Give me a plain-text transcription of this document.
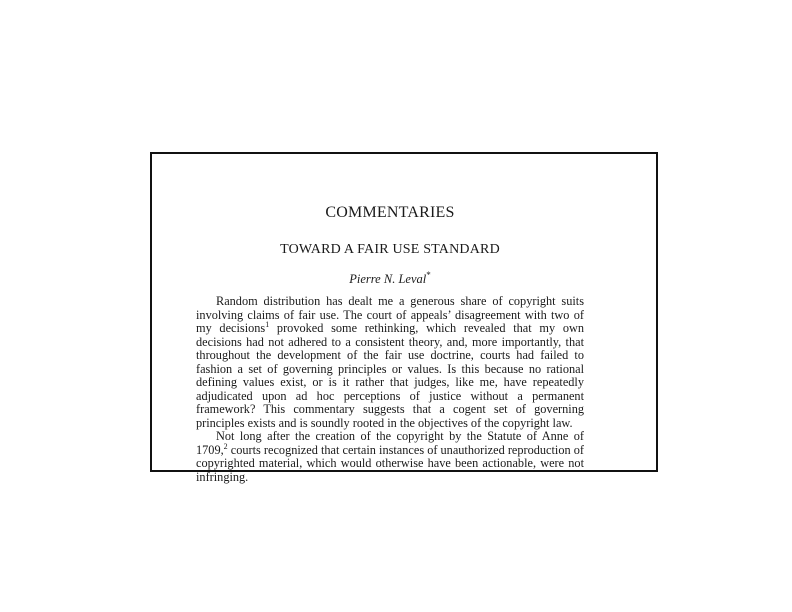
COMMENTARIES
TOWARD A FAIR USE STANDARD
Pierre N. Leval*

Random distribution has dealt me a generous share of copyright suits involving claims of fair use. The court of appeals’ disagreement with two of my decisions$^1$ provoked some rethinking, which revealed that my own decisions had not adhered to a consistent theory, and, more importantly, that throughout the development of the fair use doctrine, courts had failed to fashion a set of governing principles or values. Is this because no rational defining values exist, or is it rather that judges, like me, have repeatedly adjudicated upon ad hoc perceptions of justice without a permanent framework? This commentary suggests that a cogent set of governing principles exists and is soundly rooted in the objectives of the copyright law.

Not long after the creation of the copyright by the Statute of Anne of 1709,$^2$ courts recognized that certain instances of unauthorized reproduction of copyrighted material, which would otherwise have been actionable, were not infringing.
